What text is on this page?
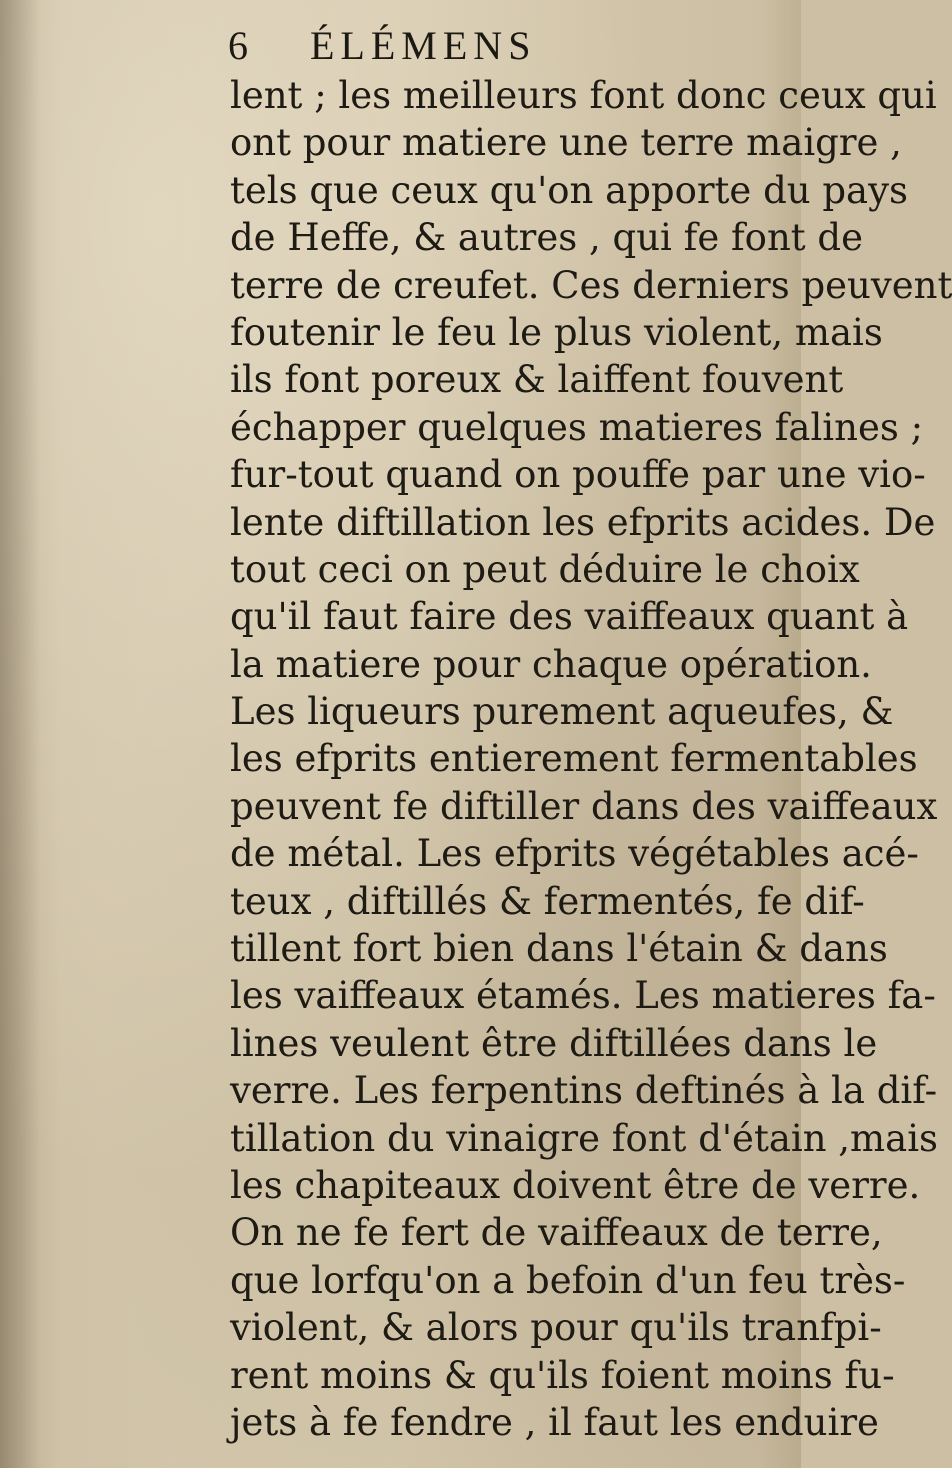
6 ÉLÉMENS
lent ; les meilleurs font donc ceux qui
ont pour matiere une terre maigre ,
tels que ceux qu'on apporte du pays
de Heffe, & autres , qui fe font de
terre de creufet. Ces derniers peuvent
foutenir le feu le plus violent, mais
ils font poreux & laiffent fouvent
échapper quelques matieres falines ;
fur-tout quand on pouffe par une vio-
lente diftillation les efprits acides. De
tout ceci on peut déduire le choix
qu'il faut faire des vaiffeaux quant à
la matiere pour chaque opération.
Les liqueurs purement aqueufes, &
les efprits entierement fermentables
peuvent fe diftiller dans des vaiffeaux
de métal. Les efprits végétables acé-
teux , diftillés & fermentés, fe dif-
tillent fort bien dans l'étain & dans
les vaiffeaux étamés. Les matieres fa-
lines veulent être diftillées dans le
verre. Les ferpentins deftinés à la dif-
tillation du vinaigre font d'étain ,mais
les chapiteaux doivent être de verre.
On ne fe fert de vaiffeaux de terre,
que lorfqu'on a befoin d'un feu très-
violent, & alors pour qu'ils tranfpi-
rent moins & qu'ils foient moins fu-
jets à fe fendre , il faut les enduire
